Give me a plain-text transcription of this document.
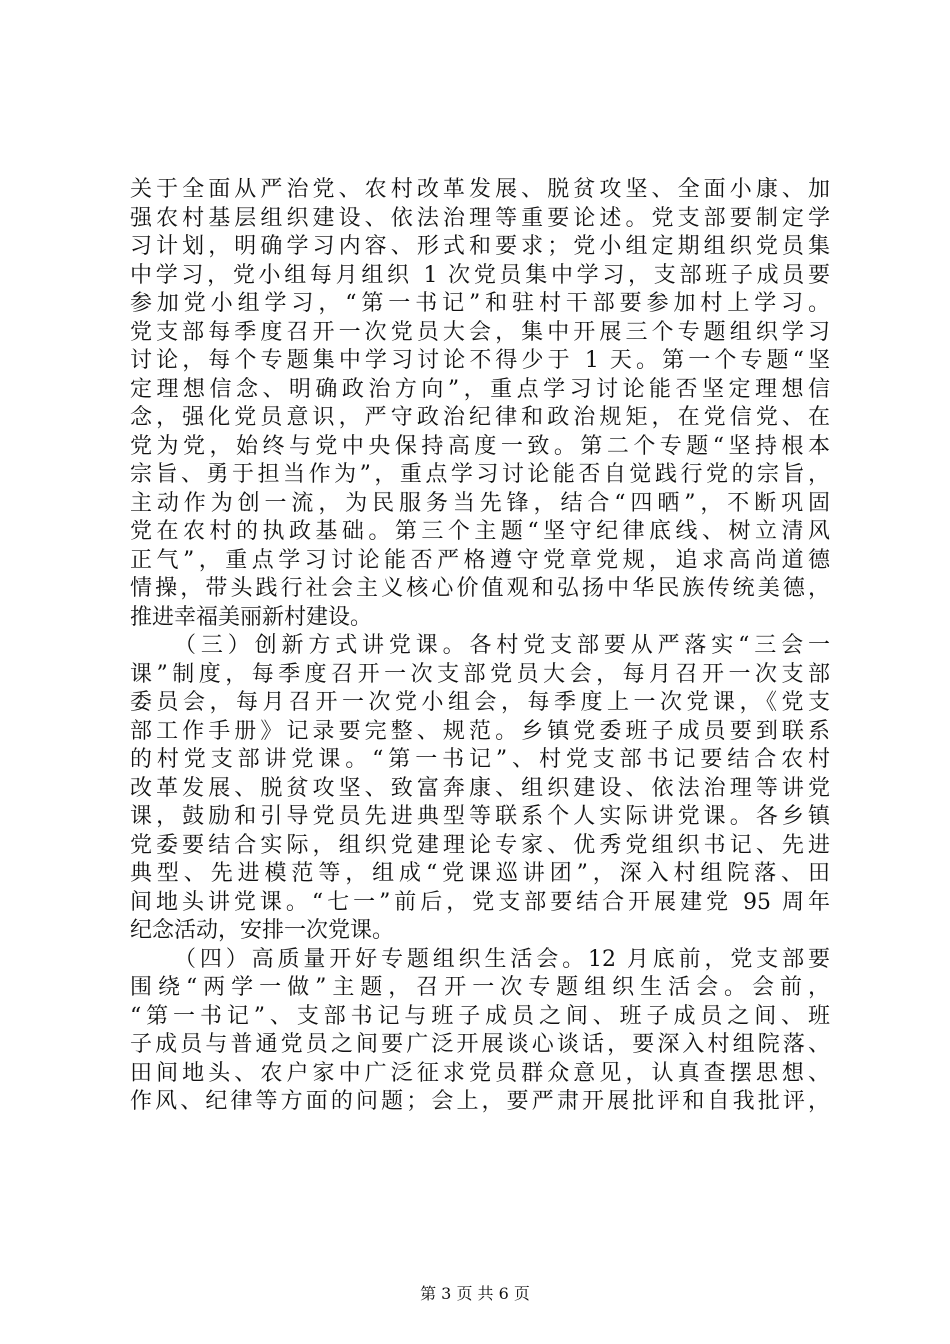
关于全面从严治党、农村改革发展、脱贫攻坚、全面小康、加
强农村基层组织建设、依法治理等重要论述。党支部要制定学
习计划，明确学习内容、形式和要求；党小组定期组织党员集
中学习，党小组每月组织 1 次党员集中学习，支部班子成员要
参加党小组学习，“第一书记”和驻村干部要参加村上学习。
党支部每季度召开一次党员大会，集中开展三个专题组织学习
讨论，每个专题集中学习讨论不得少于 1 天。第一个专题“坚
定理想信念、明确政治方向”，重点学习讨论能否坚定理想信
念，强化党员意识，严守政治纪律和政治规矩，在党信党、在
党为党，始终与党中央保持高度一致。第二个专题“坚持根本
宗旨、勇于担当作为”，重点学习讨论能否自觉践行党的宗旨，
主动作为创一流，为民服务当先锋，结合“四晒”，不断巩固
党在农村的执政基础。第三个主题“坚守纪律底线、树立清风
正气”，重点学习讨论能否严格遵守党章党规，追求高尚道德
情操，带头践行社会主义核心价值观和弘扬中华民族传统美德，
推进幸福美丽新村建设。
（三）创新方式讲党课。各村党支部要从严落实“三会一
课”制度，每季度召开一次支部党员大会，每月召开一次支部
委员会，每月召开一次党小组会，每季度上一次党课，《党支
部工作手册》记录要完整、规范。乡镇党委班子成员要到联系
的村党支部讲党课。“第一书记”、村党支部书记要结合农村
改革发展、脱贫攻坚、致富奔康、组织建设、依法治理等讲党
课，鼓励和引导党员先进典型等联系个人实际讲党课。各乡镇
党委要结合实际，组织党建理论专家、优秀党组织书记、先进
典型、先进模范等，组成“党课巡讲团”，深入村组院落、田
间地头讲党课。“七一”前后，党支部要结合开展建党 95 周年
纪念活动，安排一次党课。
（四）高质量开好专题组织生活会。12 月底前，党支部要
围绕“两学一做”主题，召开一次专题组织生活会。会前，
“第一书记”、支部书记与班子成员之间、班子成员之间、班
子成员与普通党员之间要广泛开展谈心谈话，要深入村组院落、
田间地头、农户家中广泛征求党员群众意见，认真查摆思想、
作风、纪律等方面的问题；会上，要严肃开展批评和自我批评，
第 3 页 共 6 页
